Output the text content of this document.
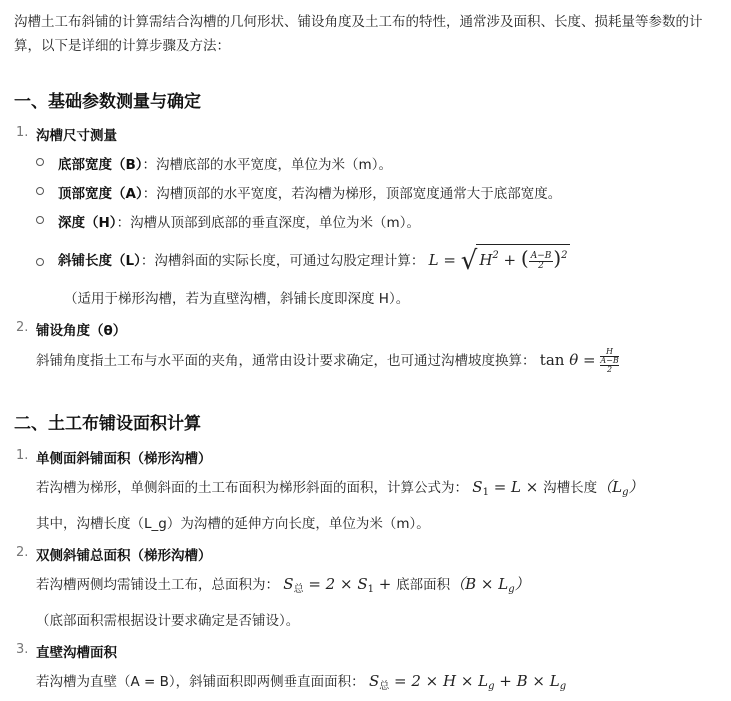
沟槽土工布斜铺的计算需结合沟槽的几何形状、铺设角度及土工布的特性，通常涉及面积、长度、损耗量等参数的计算，以下是详细的计算步骤及方法：
一、基础参数测量与确定
1. 沟槽尺寸测量
底部宽度（B）：沟槽底部的水平宽度，单位为米（m）。
顶部宽度（A）：沟槽顶部的水平宽度，若沟槽为梯形，顶部宽度通常大于底部宽度。
深度（H）：沟槽从顶部到底部的垂直深度，单位为米（m）。
斜铺长度（L）：沟槽斜面的实际长度，可通过勾股定理计算： L = √ $H^2$ + ( $\frac{A-B}{2} )^2$
（适用于梯形沟槽，若为直壁沟槽，斜铺长度即深度 H）。
2. 铺设角度（θ）
斜铺角度指土工布与水平面的夹角，通常由设计要求确定，也可通过沟槽坡度换算： tan θ = H
A−B
2
二、土工布铺设面积计算
1. 单侧面斜铺面积（梯形沟槽）
若沟槽为梯形，单侧斜面的土工布面积为梯形斜面的面积，计算公式为： $S_1 = L$ × 沟槽长度$(L_g)$
其中，沟槽长度（L_g）为沟槽的延伸方向长度，单位为米（m）。
2. 双侧斜铺总面积（梯形沟槽）
若沟槽两侧均需铺设土工布，总面积为： $S_总 = 2 \times S_1$ + 底部面积$(B \times L_g)$
（底部面积需根据设计要求确定是否铺设）。
3. 直壁沟槽面积
若沟槽为直壁（A = B），斜铺面积即两侧垂直面面积： $S_总 = 2 \times H \times L_g + B \times L_g$
